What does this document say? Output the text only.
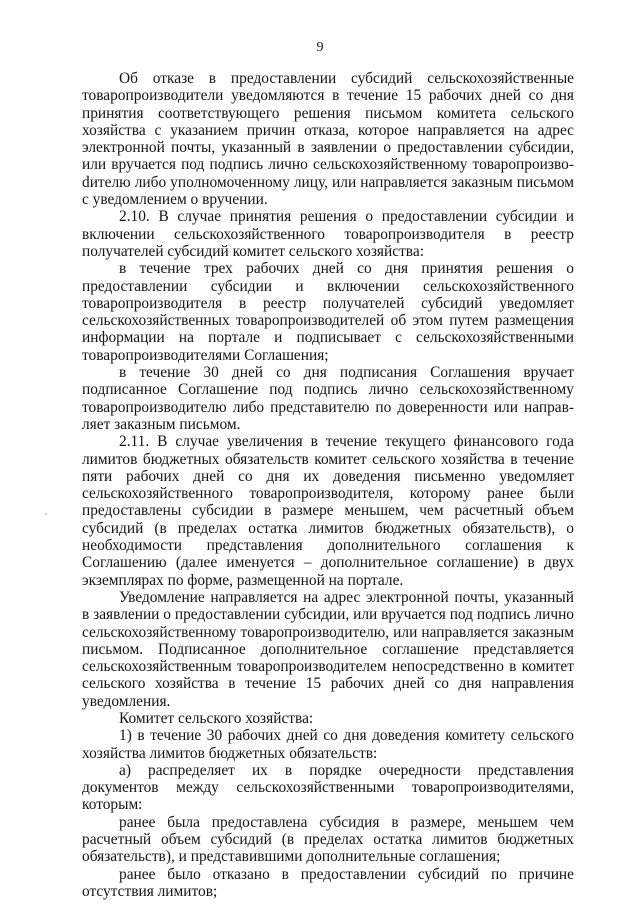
9

Об отказе в предоставлении субсидий сельскохозяйственные товаропроизводители уведомляются в течение 15 рабочих дней со дня принятия соответствующего решения письмом комитета сельского хозяйства с указанием причин отказа, которое направляется на адрес электронной почты, указанный в заявлении о предоставлении субсидии, или вручается под подпись лично сельскохозяйственному товаропроизвоdителю либо уполномоченному лицу, или направляется заказным письмом с уведомлением о вручении.

2.10. В случае принятия решения о предоставлении субсидии и включении сельскохозяйственного товаропроизводителя в реестр получателей субсидий комитет сельского хозяйства:

в течение трех рабочих дней со дня принятия решения о предоставлении субсидии и включении сельскохозяйственного товаропроизводителя в реестр получателей субсидий уведомляет сельскохозяйственных товаропроизводителей об этом путем размещения информации на портале и подписывает с сельскохозяйственными товаропроизводителями Соглашения;

в течение 30 дней со дня подписания Соглашения вручает подписанное Соглашение под подпись лично сельскохозяйственному товаропроизводителю либо представителю по доверенности или направляет заказным письмом.

2.11. В случае увеличения в течение текущего финансового года лимитов бюджетных обязательств комитет сельского хозяйства в течение пяти рабочих дней со дня их доведения письменно уведомляет сельскохозяйственного товаропроизводителя, которому ранее были предоставлены субсидии в размере меньшем, чем расчетный объем субсидий (в пределах остатка лимитов бюджетных обязательств), о необходимости представления дополнительного соглашения к Соглашению (далее именуется – дополнительное соглашение) в двух экземплярах по форме, размещенной на портале.

Уведомление направляется на адрес электронной почты, указанный в заявлении о предоставлении субсидии, или вручается под подпись лично сельскохозяйственному товаропроизводителю, или направляется заказным письмом. Подписанное дополнительное соглашение представляется сельскохозяйственным товаропроизводителем непосредственно в комитет сельского хозяйства в течение 15 рабочих дней со дня направления уведомления.

Комитет сельского хозяйства:

1) в течение 30 рабочих дней со дня доведения комитету сельского хозяйства лимитов бюджетных обязательств:

а) распределяет их в порядке очередности представления документов между сельскохозяйственными товаропроизводителями, которым:

ранее была предоставлена субсидия в размере, меньшем чем расчетный объем субсидий (в пределах остатка лимитов бюджетных обязательств), и представившими дополнительные соглашения;

ранее было отказано в предоставлении субсидий по причине отсутствия лимитов;
